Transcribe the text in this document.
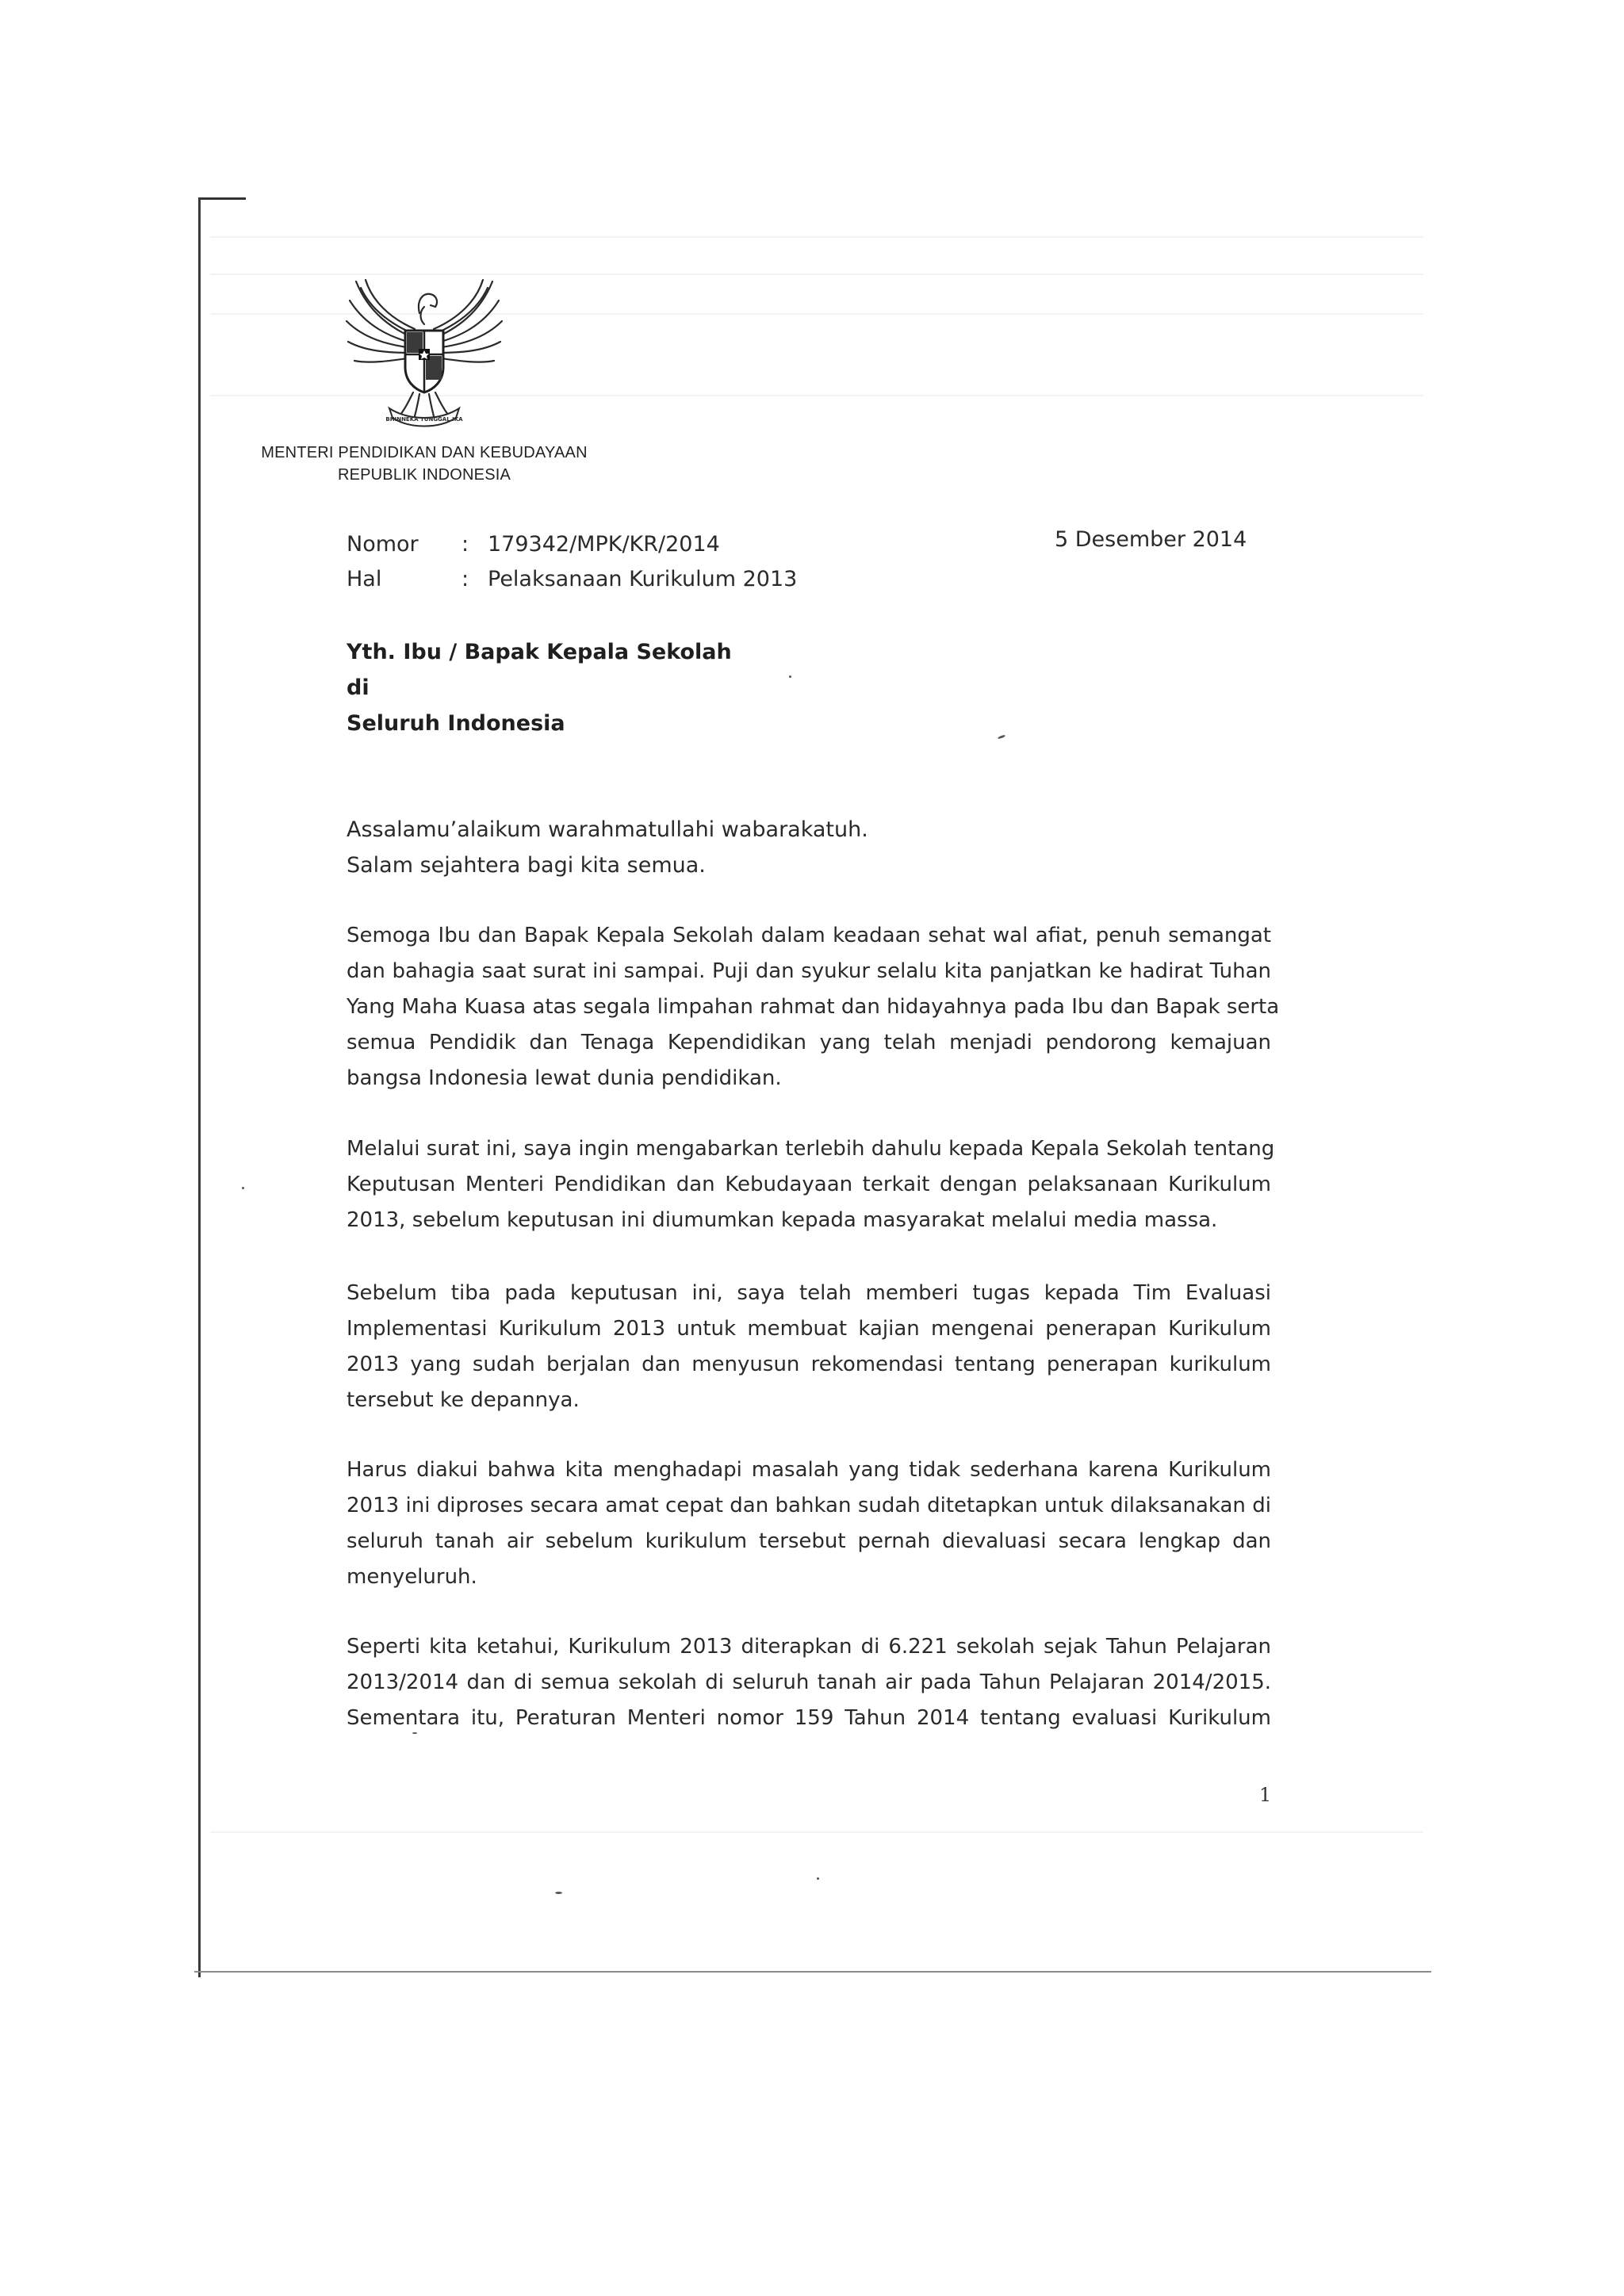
BHINNEKA TUNGGAL IKA
MENTERI PENDIDIKAN DAN KEBUDAYAAN
REPUBLIK INDONESIA
Nomor : 179342/MPK/KR/2014
Hal	: Pelaksanaan Kurikulum 2013
5 Desember 2014
Yth. Ibu / Bapak Kepala Sekolah
di
Seluruh Indonesia
Assalamu’alaikum warahmatullahi wabarakatuh.
Salam sejahtera bagi kita semua.
Semoga Ibu dan Bapak Kepala Sekolah dalam keadaan sehat wal afiat, penuh semangat
dan bahagia saat surat ini sampai. Puji dan syukur selalu kita panjatkan ke hadirat Tuhan
Yang Maha Kuasa atas segala limpahan rahmat dan hidayahnya pada Ibu dan Bapak serta
semua Pendidik dan Tenaga Kependidikan yang telah menjadi pendorong kemajuan
bangsa Indonesia lewat dunia pendidikan.
Melalui surat ini, saya ingin mengabarkan terlebih dahulu kepada Kepala Sekolah tentang
Keputusan Menteri Pendidikan dan Kebudayaan terkait dengan pelaksanaan Kurikulum
2013, sebelum keputusan ini diumumkan kepada masyarakat melalui media massa.
Sebelum tiba pada keputusan ini, saya telah memberi tugas kepada Tim Evaluasi
Implementasi Kurikulum 2013 untuk membuat kajian mengenai penerapan Kurikulum
2013 yang sudah berjalan dan menyusun rekomendasi tentang penerapan kurikulum
tersebut ke depannya.
Harus diakui bahwa kita menghadapi masalah yang tidak sederhana karena Kurikulum
2013 ini diproses secara amat cepat dan bahkan sudah ditetapkan untuk dilaksanakan di
seluruh tanah air sebelum kurikulum tersebut pernah dievaluasi secara lengkap dan
menyeluruh.
Seperti kita ketahui, Kurikulum 2013 diterapkan di 6.221 sekolah sejak Tahun Pelajaran
2013/2014 dan di semua sekolah di seluruh tanah air pada Tahun Pelajaran 2014/2015.
Sementara itu, Peraturan Menteri nomor 159 Tahun 2014 tentang evaluasi Kurikulum
1
